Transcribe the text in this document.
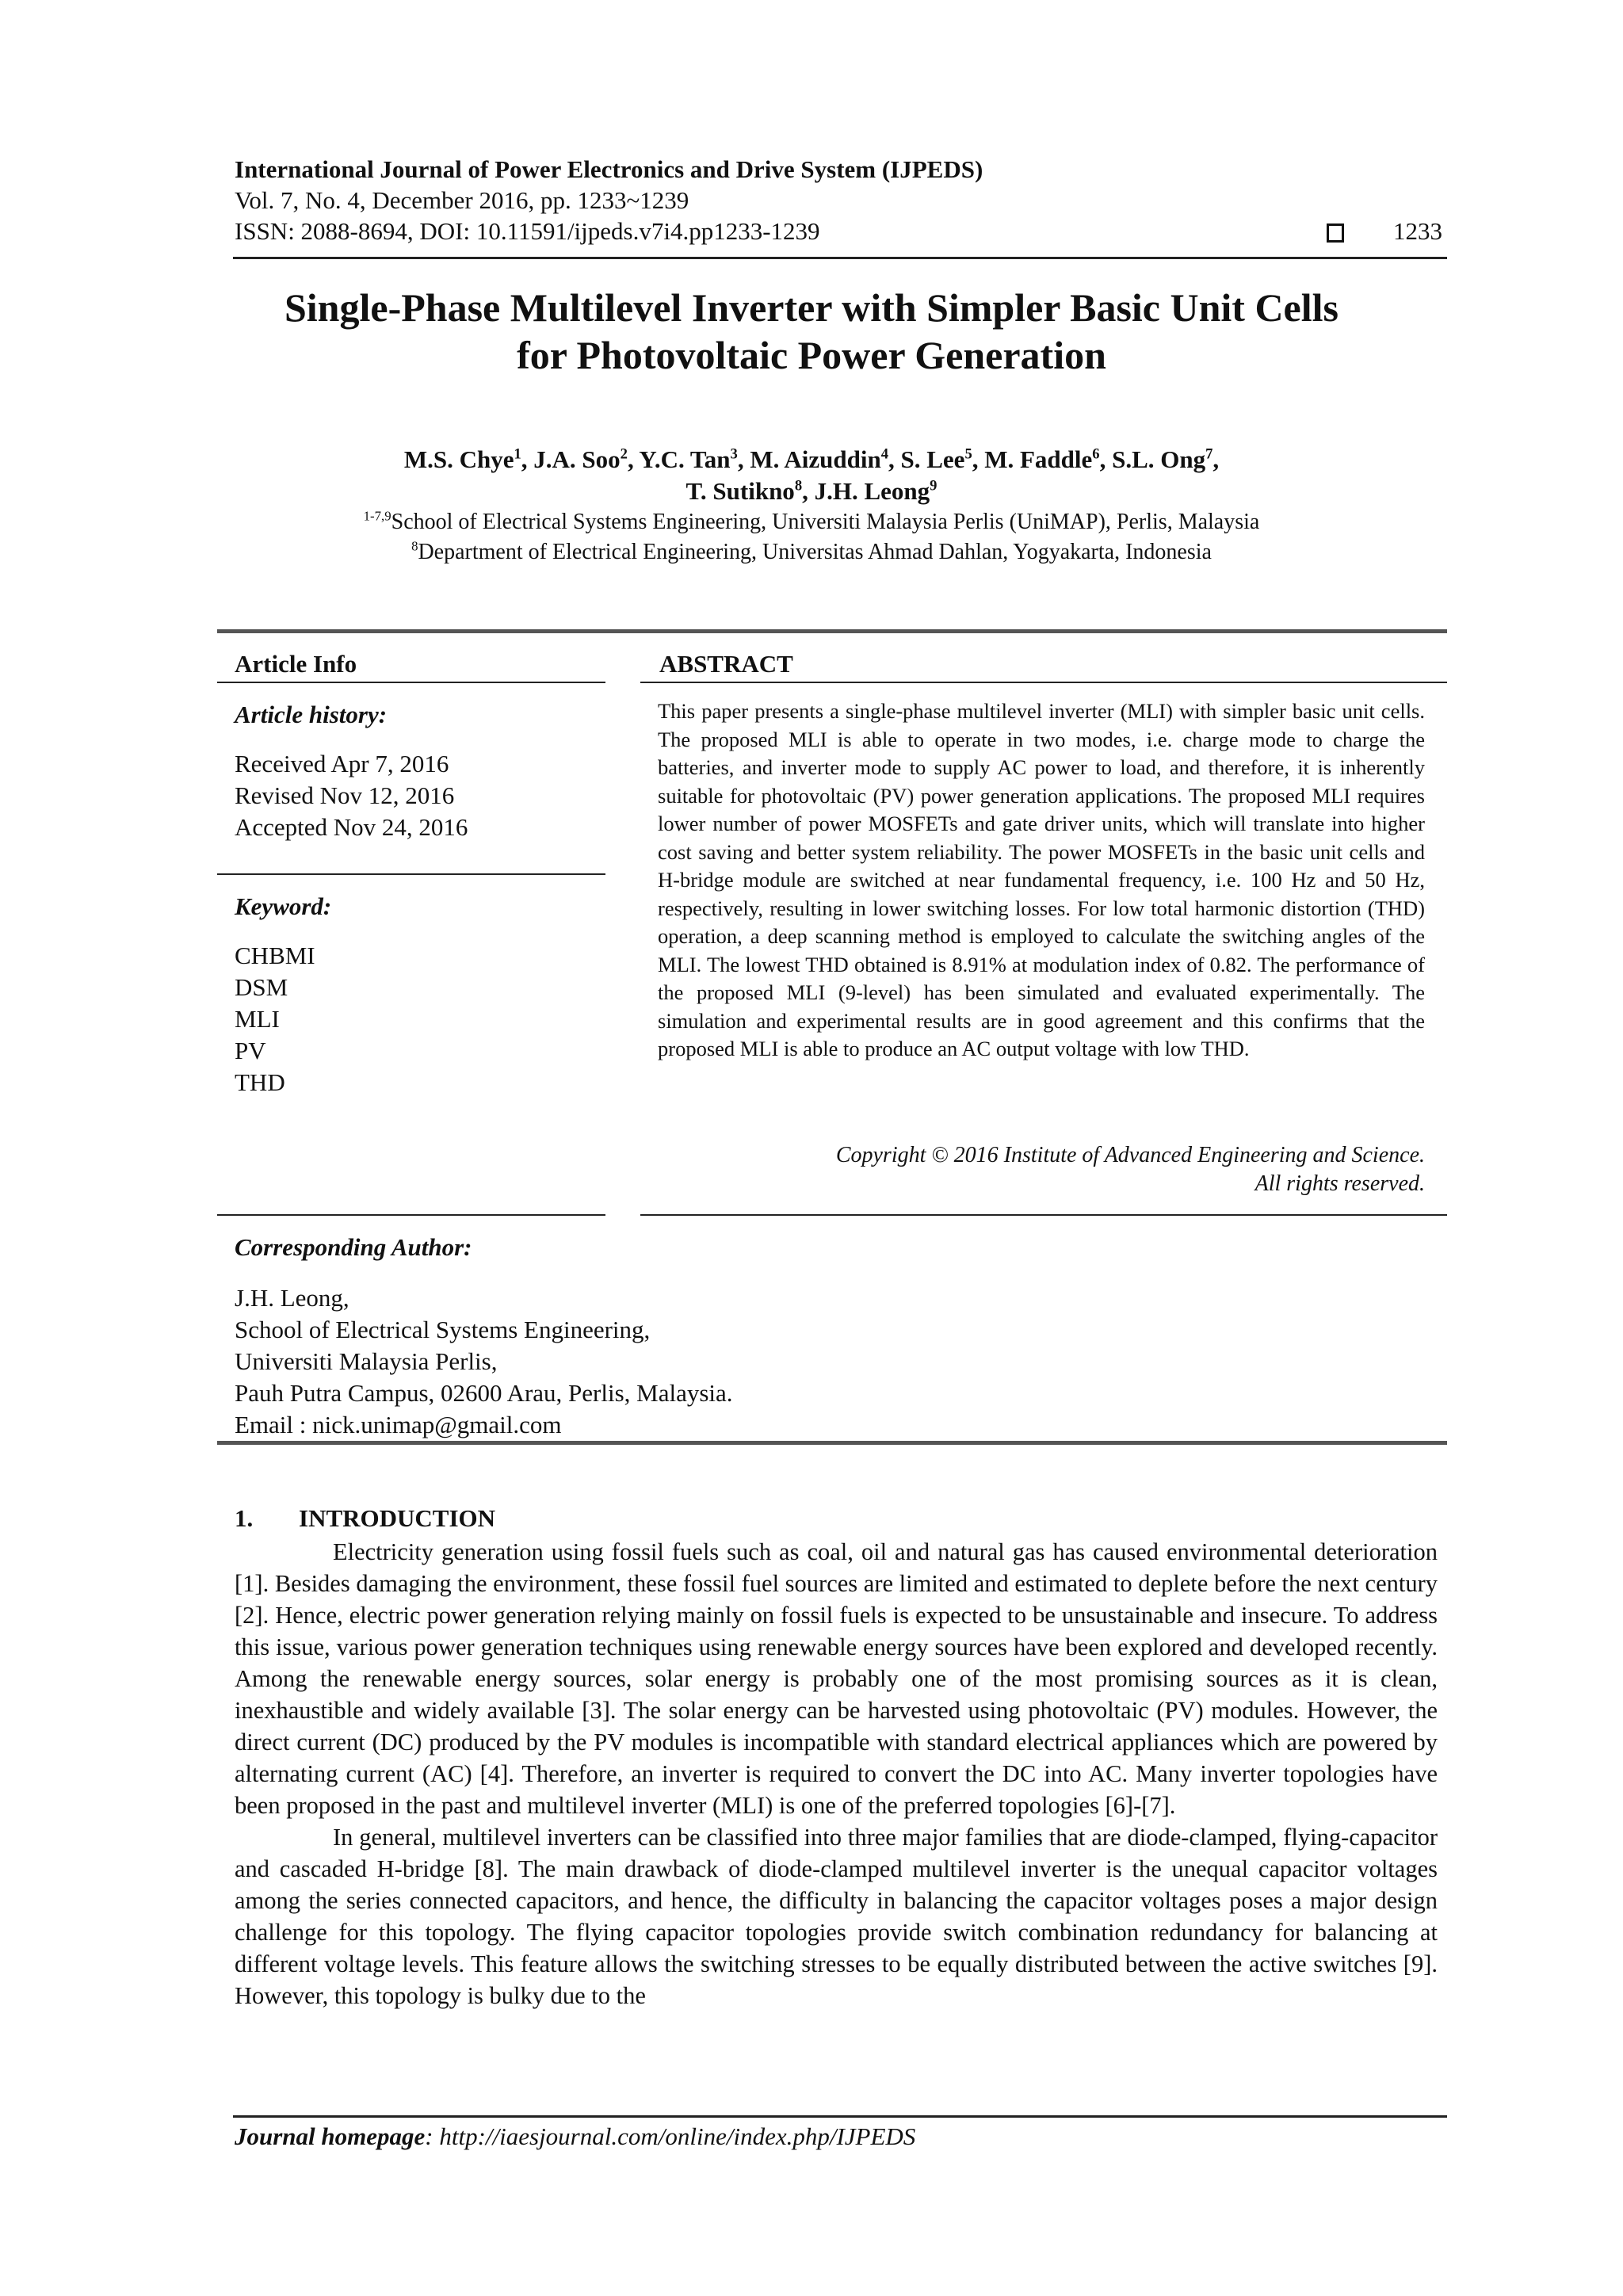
International Journal of Power Electronics and Drive System (IJPEDS)
Vol. 7, No. 4, December 2016, pp. 1233~1239
ISSN: 2088-8694, DOI: 10.11591/ijpeds.v7i4.pp1233-1239	1233
Single-Phase Multilevel Inverter with Simpler Basic Unit Cells
for Photovoltaic Power Generation
M.S. Chye$^1$, J.A. Soo$^2$, Y.C. Tan$^3$, M. Aizuddin$^4$, S. Lee$^5$, M. Faddle$^6$, S.L. Ong$^7$,
T. Sutikno$^8$, J.H. Leong$^9$
$^{1-7,9}$School of Electrical Systems Engineering, Universiti Malaysia Perlis (UniMAP), Perlis, Malaysia
$^8$Department of Electrical Engineering, Universitas Ahmad Dahlan, Yogyakarta, Indonesia
Article Info
Article history:
Received Apr 7, 2016
Revised Nov 12, 2016
Accepted Nov 24, 2016
Keyword:
CHBMI
DSM
MLI
PV
THD
ABSTRACT
This paper presents a single-phase multilevel inverter (MLI) with simpler basic unit cells. The proposed MLI is able to operate in two modes, i.e. charge mode to charge the batteries, and inverter mode to supply AC power to load, and therefore, it is inherently suitable for photovoltaic (PV) power generation applications. The proposed MLI requires lower number of power MOSFETs and gate driver units, which will translate into higher cost saving and better system reliability. The power MOSFETs in the basic unit cells and H-bridge module are switched at near fundamental frequency, i.e. 100 Hz and 50 Hz, respectively, resulting in lower switching losses. For low total harmonic distortion (THD) operation, a deep scanning method is employed to calculate the switching angles of the MLI. The lowest THD obtained is 8.91% at modulation index of 0.82. The performance of the proposed MLI (9-level) has been simulated and evaluated experimentally. The simulation and experimental results are in good agreement and this confirms that the proposed MLI is able to produce an AC output voltage with low THD.
Copyright © 2016 Institute of Advanced Engineering and Science.
All rights reserved.
Corresponding Author:
J.H. Leong,
School of Electrical Systems Engineering,
Universiti Malaysia Perlis,
Pauh Putra Campus, 02600 Arau, Perlis, Malaysia.
Email : nick.unimap@gmail.com
1. INTRODUCTION

Electricity generation using fossil fuels such as coal, oil and natural gas has caused environmental deterioration [1]. Besides damaging the environment, these fossil fuel sources are limited and estimated to deplete before the next century [2]. Hence, electric power generation relying mainly on fossil fuels is expected to be unsustainable and insecure. To address this issue, various power generation techniques using renewable energy sources have been explored and developed recently. Among the renewable energy sources, solar energy is probably one of the most promising sources as it is clean, inexhaustible and widely available [3]. The solar energy can be harvested using photovoltaic (PV) modules. However, the direct current (DC) produced by the PV modules is incompatible with standard electrical appliances which are powered by alternating current (AC) [4]. Therefore, an inverter is required to convert the DC into AC. Many inverter topologies have been proposed in the past and multilevel inverter (MLI) is one of the preferred topologies [6]-[7].

In general, multilevel inverters can be classified into three major families that are diode-clamped, flying-capacitor and cascaded H-bridge [8]. The main drawback of diode-clamped multilevel inverter is the unequal capacitor voltages among the series connected capacitors, and hence, the difficulty in balancing the capacitor voltages poses a major design challenge for this topology. The flying capacitor topologies provide switch combination redundancy for balancing at different voltage levels. This feature allows the switching stresses to be equally distributed between the active switches [9]. However, this topology is bulky due to the

Journal homepage: http://iaesjournal.com/online/index.php/IJPEDS
